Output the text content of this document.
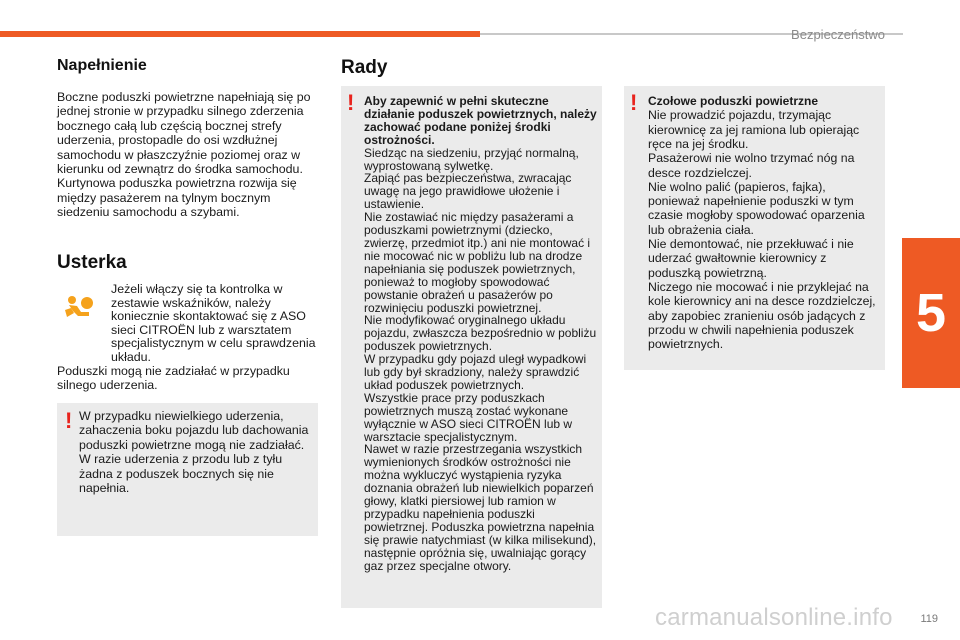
Bezpieczeństwo
5
Napełnienie

Boczne poduszki powietrzne napełniają się po jednej stronie w przypadku silnego zderzenia bocznego całą lub częścią bocznej strefy uderzenia, prostopadle do osi wzdłużnej samochodu w płaszczyźnie poziomej oraz w kierunku od zewnątrz do środka samochodu.
Kurtynowa poduszka powietrzna rozwija się między pasażerem na tylnym bocznym siedzeniu samochodu a szybami.

Usterka

Jeżeli włączy się ta kontrolka w zestawie wskaźników, należy koniecznie skontaktować się z ASO sieci CITROËN lub z warsztatem specjalistycznym w celu sprawdzenia układu.

Poduszki mogą nie zadziałać w przypadku silnego uderzenia.

! W przypadku niewielkiego uderzenia, zahaczenia boku pojazdu lub dachowania poduszki powietrzne mogą nie zadziałać.
W razie uderzenia z przodu lub z tyłu żadna z poduszek bocznych się nie napełnia.

Rady
! Aby zapewnić w pełni skuteczne działanie poduszek powietrznych, należy zachować podane poniżej środki ostrożności.
Siedząc na siedzeniu, przyjąć normalną, wyprostowaną sylwetkę.
Zapiąć pas bezpieczeństwa, zwracając uwagę na jego prawidłowe ułożenie i ustawienie.
Nie zostawiać nic między pasażerami a poduszkami powietrznymi (dziecko, zwierzę, przedmiot itp.) ani nie montować i nie mocować nic w pobliżu lub na drodze napełniania się poduszek powietrznych, ponieważ to mogłoby spowodować powstanie obrażeń u pasażerów po rozwinięciu poduszki powietrznej.
Nie modyfikować oryginalnego układu pojazdu, zwłaszcza bezpośrednio w pobliżu poduszek powietrznych.
W przypadku gdy pojazd uległ wypadkowi lub gdy był skradziony, należy sprawdzić układ poduszek powietrznych.
Wszystkie prace przy poduszkach powietrznych muszą zostać wykonane wyłącznie w ASO sieci CITROËN lub w warsztacie specjalistycznym.
Nawet w razie przestrzegania wszystkich wymienionych środków ostrożności nie można wykluczyć wystąpienia ryzyka doznania obrażeń lub niewielkich poparzeń głowy, klatki piersiowej lub ramion w przypadku napełnienia poduszki powietrznej. Poduszka powietrzna napełnia się prawie natychmiast (w kilka milisekund), następnie opróżnia się, uwalniając gorący gaz przez specjalne otwory.
! Czołowe poduszki powietrzne
Nie prowadzić pojazdu, trzymając kierownicę za jej ramiona lub opierając ręce na jej środku.
Pasażerowi nie wolno trzymać nóg na desce rozdzielczej.
Nie wolno palić (papieros, fajka), ponieważ napełnienie poduszki w tym czasie mogłoby spowodować oparzenia lub obrażenia ciała.
Nie demontować, nie przekłuwać i nie uderzać gwałtownie kierownicy z poduszką powietrzną.
Niczego nie mocować i nie przyklejać na kole kierownicy ani na desce rozdzielczej, aby zapobiec zranieniu osób jadących z przodu w chwili napełnienia poduszek powietrznych.
carmanualsonline.info	119
